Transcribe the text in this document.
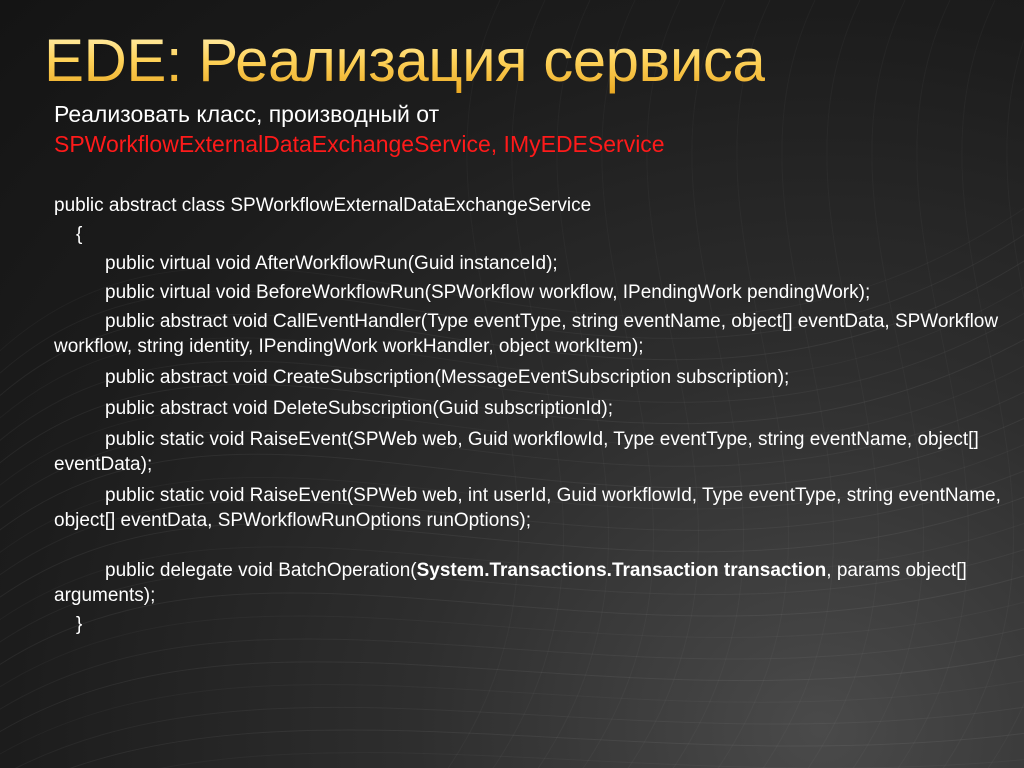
EDE: Реализация сервиса
Реализовать класс, производный от
SPWorkflowExternalDataExchangeService, IMyEDEService
public abstract class SPWorkflowExternalDataExchangeService
{
public virtual void AfterWorkflowRun(Guid instanceId);
public virtual void BeforeWorkflowRun(SPWorkflow workflow, IPendingWork pendingWork);
public abstract void CallEventHandler(Type eventType, string eventName, object[] eventData, SPWorkflow workflow, string identity, IPendingWork workHandler, object workItem);
public abstract void CreateSubscription(MessageEventSubscription subscription);
public abstract void DeleteSubscription(Guid subscriptionId);
public static void RaiseEvent(SPWeb web, Guid workflowId, Type eventType, string eventName, object[] eventData);
public static void RaiseEvent(SPWeb web, int userId, Guid workflowId, Type eventType, string eventName, object[] eventData, SPWorkflowRunOptions runOptions);
public delegate void BatchOperation(System.Transactions.Transaction transaction, params object[] arguments);
}
